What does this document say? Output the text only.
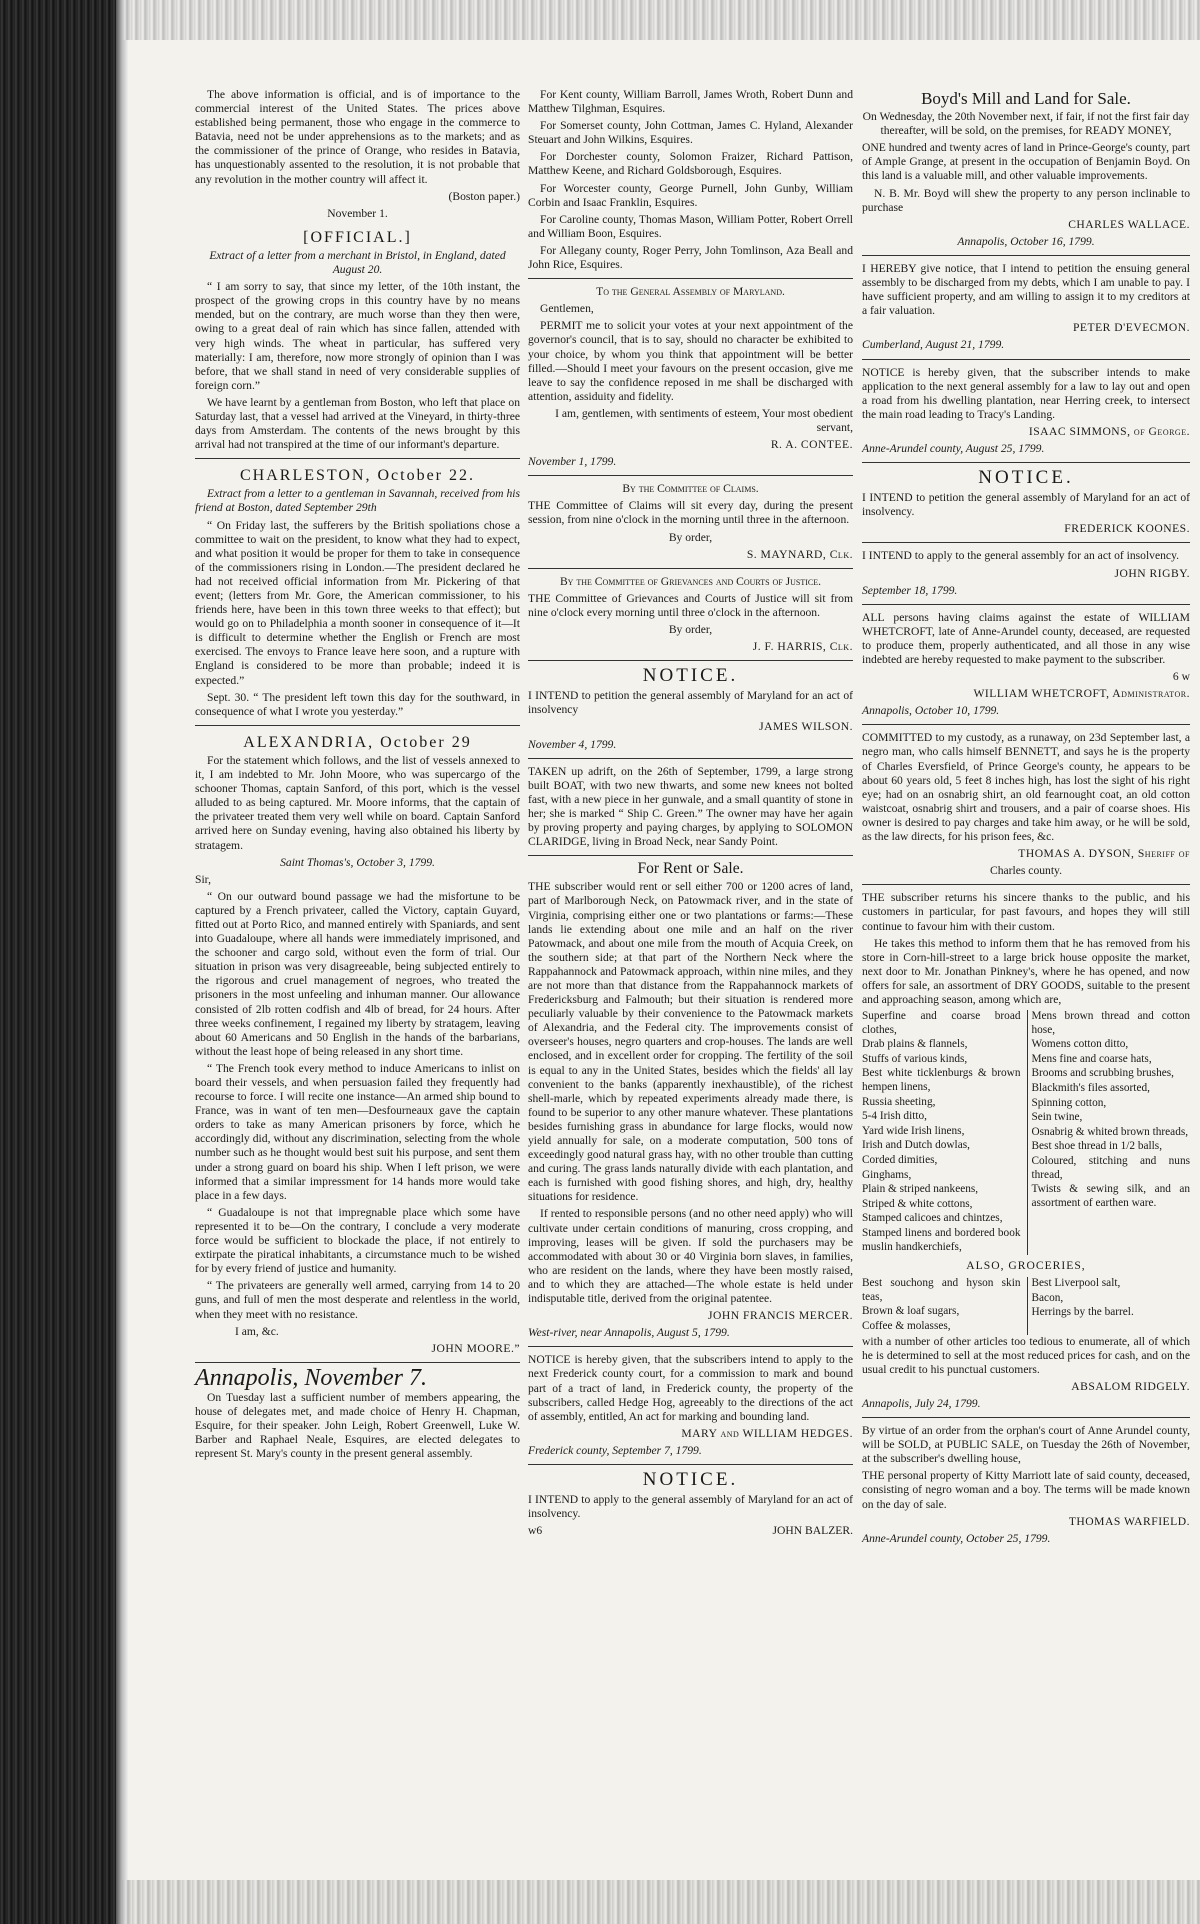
The above information is official, and is of importance to the commercial interest of the United States. The prices above established being permanent, those who engage in the commerce to Batavia, need not be under apprehensions as to the markets; and as the commissioner of the prince of Orange, who resides in Batavia, has unquestionably assented to the resolution, it is not probable that any revolution in the mother country will affect it.

(Boston paper.)

November 1.

[OFFICIAL.]

Extract of a letter from a merchant in Bristol, in England, dated August 20.

“ I am sorry to say, that since my letter, of the 10th instant, the prospect of the growing crops in this country have by no means mended, but on the contrary, are much worse than they then were, owing to a great deal of rain which has since fallen, attended with very high winds. The wheat in particular, has suffered very materially: I am, therefore, now more strongly of opinion than I was before, that we shall stand in need of very considerable supplies of foreign corn.”

We have learnt by a gentleman from Boston, who left that place on Saturday last, that a vessel had arrived at the Vineyard, in thirty-three days from Amsterdam. The contents of the news brought by this arrival had not transpired at the time of our informant's departure.

CHARLESTON, October 22.

Extract from a letter to a gentleman in Savannah, received from his friend at Boston, dated September 29th

“ On Friday last, the sufferers by the British spoliations chose a committee to wait on the president, to know what they had to expect, and what position it would be proper for them to take in consequence of the commissioners rising in London.—The president declared he had not received official information from Mr. Pickering of that event; (letters from Mr. Gore, the American commissioner, to his friends here, have been in this town three weeks to that effect); but would go on to Philadelphia a month sooner in consequence of it—It is difficult to determine whether the English or French are most exercised. The envoys to France leave here soon, and a rupture with England is considered to be more than probable; indeed it is expected.”

Sept. 30. “ The president left town this day for the southward, in consequence of what I wrote you yesterday.”

ALEXANDRIA, October 29

For the statement which follows, and the list of vessels annexed to it, I am indebted to Mr. John Moore, who was supercargo of the schooner Thomas, captain Sanford, of this port, which is the vessel alluded to as being captured. Mr. Moore informs, that the captain of the privateer treated them very well while on board. Captain Sanford arrived here on Sunday evening, having also obtained his liberty by stratagem.

Saint Thomas's, October 3, 1799.

Sir,

“ On our outward bound passage we had the misfortune to be captured by a French privateer, called the Victory, captain Guyard, fitted out at Porto Rico, and manned entirely with Spaniards, and sent into Guadaloupe, where all hands were immediately imprisoned, and the schooner and cargo sold, without even the form of trial. Our situation in prison was very disagreeable, being subjected entirely to the rigorous and cruel management of negroes, who treated the prisoners in the most unfeeling and inhuman manner. Our allowance consisted of 2lb rotten codfish and 4lb of bread, for 24 hours. After three weeks confinement, I regained my liberty by stratagem, leaving about 60 Americans and 50 English in the hands of the barbarians, without the least hope of being released in any short time.

“ The French took every method to induce Americans to inlist on board their vessels, and when persuasion failed they frequently had recourse to force. I will recite one instance—An armed ship bound to France, was in want of ten men—Desfourneaux gave the captain orders to take as many American prisoners by force, which he accordingly did, without any discrimination, selecting from the whole number such as he thought would best suit his purpose, and sent them under a strong guard on board his ship. When I left prison, we were informed that a similar impressment for 14 hands more would take place in a few days.

“ Guadaloupe is not that impregnable place which some have represented it to be—On the contrary, I conclude a very moderate force would be sufficient to blockade the place, if not entirely to extirpate the piratical inhabitants, a circumstance much to be wished for by every friend of justice and humanity.

“ The privateers are generally well armed, carrying from 14 to 20 guns, and full of men the most desperate and relentless in the world, when they meet with no resistance.

I am, &c.

JOHN MOORE.”

Annapolis, November 7.

On Tuesday last a sufficient number of members appearing, the house of delegates met, and made choice of Henry H. Chapman, Esquire, for their speaker. John Leigh, Robert Greenwell, Luke W. Barber and Raphael Neale, Esquires, are elected delegates to represent St. Mary's county in the present general assembly.

For Kent county, William Barroll, James Wroth, Robert Dunn and Matthew Tilghman, Esquires.

For Somerset county, John Cottman, James C. Hyland, Alexander Steuart and John Wilkins, Esquires.

For Dorchester county, Solomon Fraizer, Richard Pattison, Matthew Keene, and Richard Goldsborough, Esquires.

For Worcester county, George Purnell, John Gunby, William Corbin and Isaac Franklin, Esquires.

For Caroline county, Thomas Mason, William Potter, Robert Orrell and William Boon, Esquires.

For Allegany county, Roger Perry, John Tomlinson, Aza Beall and John Rice, Esquires.

To the General Assembly of Maryland.

Gentlemen,

PERMIT me to solicit your votes at your next appointment of the governor's council, that is to say, should no character be exhibited to your choice, by whom you think that appointment will be better filled.—Should I meet your favours on the present occasion, give me leave to say the confidence reposed in me shall be discharged with attention, assiduity and fidelity.

I am, gentlemen, with sentiments of esteem, Your most obedient servant,

R. A. CONTEE.

November 1, 1799.

By the Committee of Claims.

THE Committee of Claims will sit every day, during the present session, from nine o'clock in the morning until three in the afternoon.

By order,

S. MAYNARD, Clk.

By the Committee of Grievances and Courts of Justice.

THE Committee of Grievances and Courts of Justice will sit from nine o'clock every morning until three o'clock in the afternoon.

By order,

J. F. HARRIS, Clk.

NOTICE.

I INTEND to petition the general assembly of Maryland for an act of insolvency

JAMES WILSON.

November 4, 1799.

TAKEN up adrift, on the 26th of September, 1799, a large strong built BOAT, with two new thwarts, and some new knees not bolted fast, with a new piece in her gunwale, and a small quantity of stone in her; she is marked “ Ship C. Green.” The owner may have her again by proving property and paying charges, by applying to SOLOMON CLARIDGE, living in Broad Neck, near Sandy Point.

For Rent or Sale.

THE subscriber would rent or sell either 700 or 1200 acres of land, part of Marlborough Neck, on Patowmack river, and in the state of Virginia, comprising either one or two plantations or farms:—These lands lie extending about one mile and an half on the river Patowmack, and about one mile from the mouth of Acquia Creek, on the southern side; at that part of the Northern Neck where the Rappahannock and Patowmack approach, within nine miles, and they are not more than that distance from the Rappahannock markets of Fredericksburg and Falmouth; but their situation is rendered more peculiarly valuable by their convenience to the Patowmack markets of Alexandria, and the Federal city. The improvements consist of overseer's houses, negro quarters and crop-houses. The lands are well enclosed, and in excellent order for cropping. The fertility of the soil is equal to any in the United States, besides which the fields' all lay convenient to the banks (apparently inexhaustible), of the richest shell-marle, which by repeated experiments already made there, is found to be superior to any other manure whatever. These plantations besides furnishing grass in abundance for large flocks, would now yield annually for sale, on a moderate computation, 500 tons of exceedingly good natural grass hay, with no other trouble than cutting and curing. The grass lands naturally divide with each plantation, and each is furnished with good fishing shores, and high, dry, healthy situations for residence.

If rented to responsible persons (and no other need apply) who will cultivate under certain conditions of manuring, cross cropping, and improving, leases will be given. If sold the purchasers may be accommodated with about 30 or 40 Virginia born slaves, in families, who are resident on the lands, where they have been mostly raised, and to which they are attached—The whole estate is held under indisputable title, derived from the original patentee.

JOHN FRANCIS MERCER.

West-river, near Annapolis, August 5, 1799.

NOTICE is hereby given, that the subscribers intend to apply to the next Frederick county court, for a commission to mark and bound part of a tract of land, in Frederick county, the property of the subscribers, called Hedge Hog, agreeably to the directions of the act of assembly, entitled, An act for marking and bounding land.

MARY and WILLIAM HEDGES.

Frederick county, September 7, 1799.

NOTICE.

I INTEND to apply to the general assembly of Maryland for an act of insolvency.

w6	JOHN BALZER.

Boyd's Mill and Land for Sale.

On Wednesday, the 20th November next, if fair, if not the first fair day thereafter, will be sold, on the premises, for READY MONEY,

ONE hundred and twenty acres of land in Prince-George's county, part of Ample Grange, at present in the occupation of Benjamin Boyd. On this land is a valuable mill, and other valuable improvements.

N. B. Mr. Boyd will shew the property to any person inclinable to purchase

CHARLES WALLACE.

Annapolis, October 16, 1799.

I HEREBY give notice, that I intend to petition the ensuing general assembly to be discharged from my debts, which I am unable to pay. I have sufficient property, and am willing to assign it to my creditors at a fair valuation.

PETER D'EVECMON.

Cumberland, August 21, 1799.

NOTICE is hereby given, that the subscriber intends to make application to the next general assembly for a law to lay out and open a road from his dwelling plantation, near Herring creek, to intersect the main road leading to Tracy's Landing.

ISAAC SIMMONS, of George.

Anne-Arundel county, August 25, 1799.

NOTICE.

I INTEND to petition the general assembly of Maryland for an act of insolvency.

FREDERICK KOONES.

I INTEND to apply to the general assembly for an act of insolvency.

JOHN RIGBY.

September 18, 1799.

ALL persons having claims against the estate of WILLIAM WHETCROFT, late of Anne-Arundel county, deceased, are requested to produce them, properly authenticated, and all those in any wise indebted are hereby requested to make payment to the subscriber.

6 w

WILLIAM WHETCROFT, Administrator.

Annapolis, October 10, 1799.

COMMITTED to my custody, as a runaway, on 23d September last, a negro man, who calls himself BENNETT, and says he is the property of Charles Eversfield, of Prince George's county, he appears to be about 60 years old, 5 feet 8 inches high, has lost the sight of his right eye; had on an osnabrig shirt, an old fearnought coat, an old cotton waistcoat, osnabrig shirt and trousers, and a pair of coarse shoes. His owner is desired to pay charges and take him away, or he will be sold, as the law directs, for his prison fees, &c.

THOMAS A. DYSON, Sheriff of

Charles county.

THE subscriber returns his sincere thanks to the public, and his customers in particular, for past favours, and hopes they will still continue to favour him with their custom.

He takes this method to inform them that he has removed from his store in Corn-hill-street to a large brick house opposite the market, next door to Mr. Jonathan Pinkney's, where he has opened, and now offers for sale, an assortment of DRY GOODS, suitable to the present and approaching season, among which are,

Superfine and coarse broad clothes,
Drab plains & flannels,
Stuffs of various kinds,
Best white ticklenburgs & brown hempen linens,
Russia sheeting,
5-4 Irish ditto,
Yard wide Irish linens,
Irish and Dutch dowlas,
Corded dimities,
Ginghams,
Plain & striped nankeens,
Striped & white cottons,
Stamped calicoes and chintzes,
Stamped linens and bordered book muslin handkerchiefs,
Mens brown thread and cotton hose,
Womens cotton ditto,
Mens fine and coarse hats,
Brooms and scrubbing brushes,
Blackmith's files assorted,
Spinning cotton,
Sein twine,
Osnabrig & whited brown threads,
Best shoe thread in 1/2 balls,
Coloured, stitching and nuns thread,
Twists & sewing silk, and an assortment of earthen ware.
ALSO, GROCERIES,
Best souchong and hyson skin teas,
Brown & loaf sugars,
Coffee & molasses,
Best Liverpool salt,
Bacon,
Herrings by the barrel.

with a number of other articles too tedious to enumerate, all of which he is determined to sell at the most reduced prices for cash, and on the usual credit to his punctual customers.

ABSALOM RIDGELY.

Annapolis, July 24, 1799.

By virtue of an order from the orphan's court of Anne Arundel county, will be SOLD, at PUBLIC SALE, on Tuesday the 26th of November, at the subscriber's dwelling house,

THE personal property of Kitty Marriott late of said county, deceased, consisting of negro woman and a boy. The terms will be made known on the day of sale.

THOMAS WARFIELD.

Anne-Arundel county, October 25, 1799.
